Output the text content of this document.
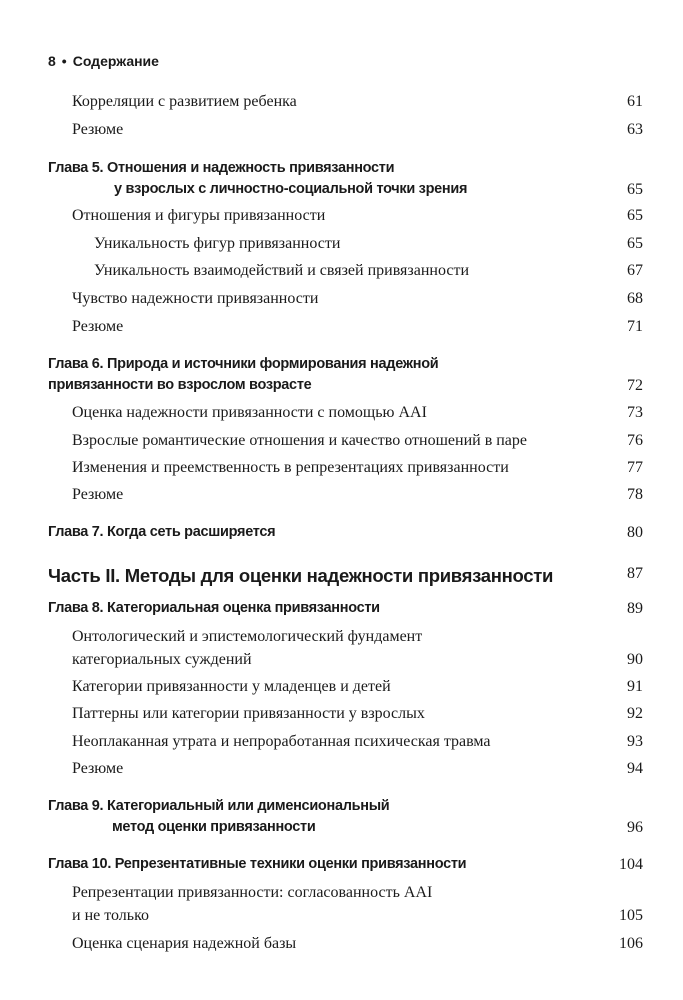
8 • Содержание
Корреляции с развитием ребенка	61
Резюме	63
Глава 5. Отношения и надежность привязанности
у взрослых с личностно-социальной точки зрения	65
Отношения и фигуры привязанности	65
Уникальность фигур привязанности	65
Уникальность взаимодействий и связей привязанности	67
Чувство надежности привязанности	68
Резюме	71
Глава 6. Природа и источники формирования надежной
привязанности во взрослом возрасте	72
Оценка надежности привязанности с помощью ААI	73
Взрослые романтические отношения и качество отношений в паре	76
Изменения и преемственность в репрезентациях привязанности	77
Резюме	78
Глава 7. Когда сеть расширяется	80
Часть II. Методы для оценки надежности привязанности	87
Глава 8. Категориальная оценка привязанности	89
Онтологический и эпистемологический фундамент
категориальных суждений	90
Категории привязанности у младенцев и детей	91
Паттерны или категории привязанности у взрослых	92
Неоплаканная утрата и непроработанная психическая травма	93
Резюме	94
Глава 9. Категориальный или дименсиональный
метод оценки привязанности	96
Глава 10. Репрезентативные техники оценки привязанности	104
Репрезентации привязанности: согласованность ААI
и не только	105
Оценка сценария надежной базы	106
